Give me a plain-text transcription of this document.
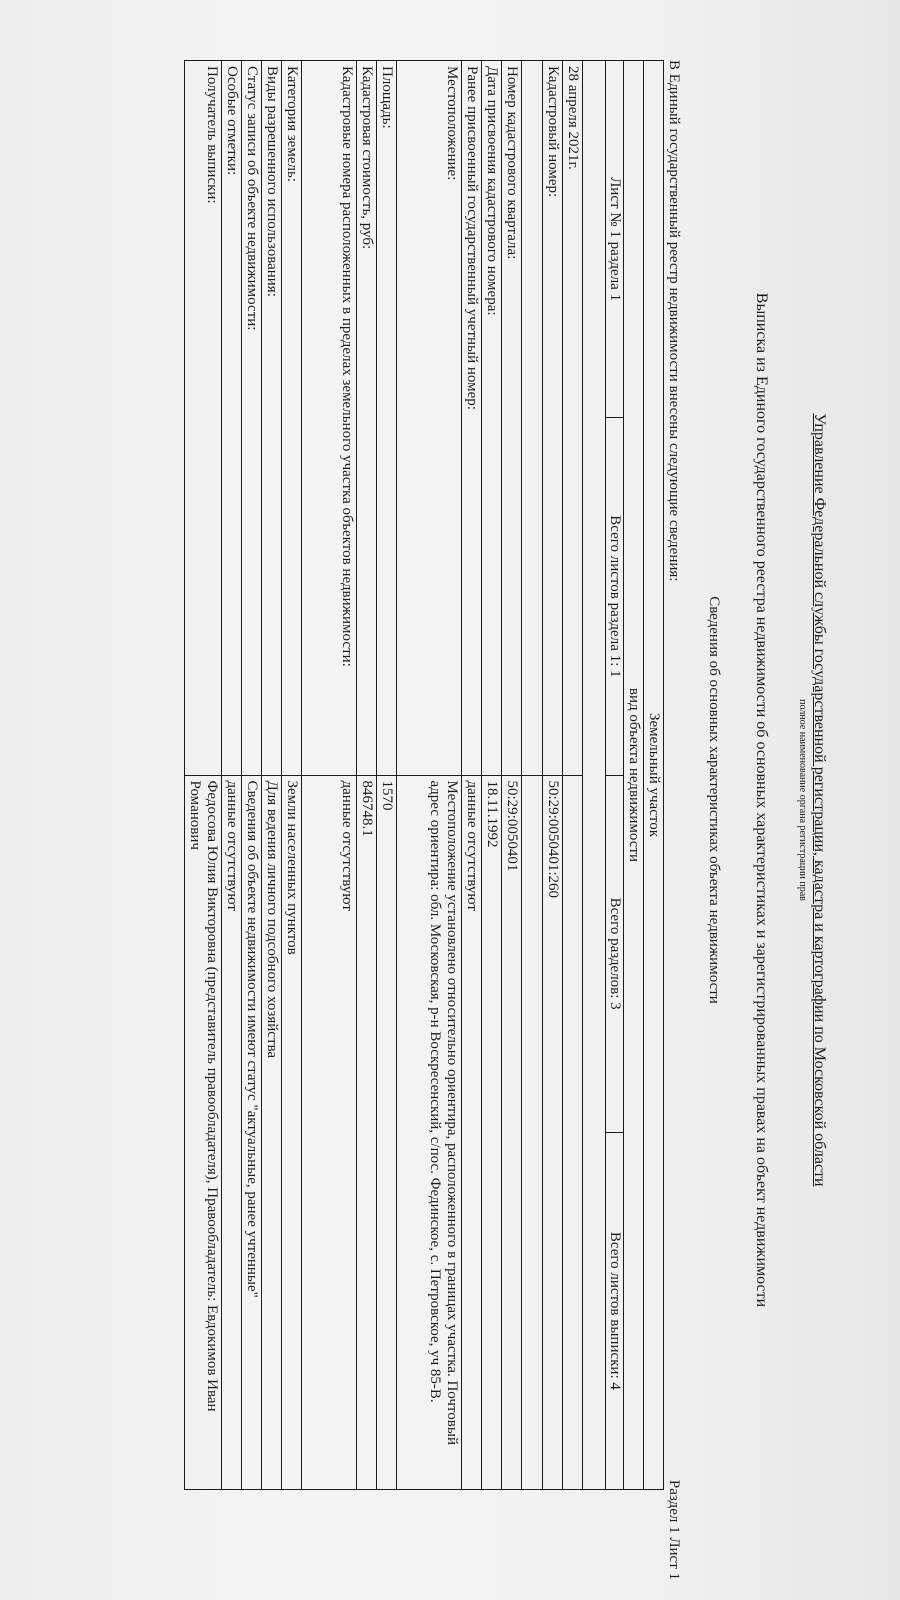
Управление Федеральной службы государственной регистрации, кадастра и картографии по Московской области
полное наименование органа регистрации прав
Выписка из Единого государственного реестра недвижимости об основных характеристиках и зарегистрированных правах на объект недвижимости
Сведения об основных характеристиках объекта недвижимости
Раздел 1 Лист 1
В Единый государственный реестр недвижимости внесены следующие сведения:
Земельный участок	

вид объекта недвижимости	

Лист № 1 раздела 1
Всего листов раздела 1: 1
Всего разделов: 3
Всего листов выписки: 4	

28 апреля 2021г.	
Кадастровый номер:	50:29:0050401:260

Номер кадастрового квартала:	50:29:0050401
Дата присвоения кадастрового номера:	18.11.1992
Ранее присвоенный государственный учетный номер:	данные отсутствуют
Местоположение:	Местоположение установлено относительно ориентира, расположенного в границах участка. Почтовый адрес ориентира: обл. Московская, р-н Воскресенский, с/пос. Фединское, с. Петровское, уч 85-В.
Площадь:	1570
Кадастровая стоимость, руб:	846748.1
Кадастровые номера расположенных в пределах земельного участка объектов недвижимости:	данные отсутствуют
Категория земель:	Земли населенных пунктов
Виды разрешенного использования:	Для ведения личного подсобного хозяйства
Статус записи об объекте недвижимости:	Сведения об объекте недвижимости имеют статус "актуальные, ранее учтенные"
Особые отметки:	данные отсутствуют
Получатель выписки:	Федосова Юлия Викторовна (представитель правообладателя), Правообладатель: Евдокимов Иван Романович
